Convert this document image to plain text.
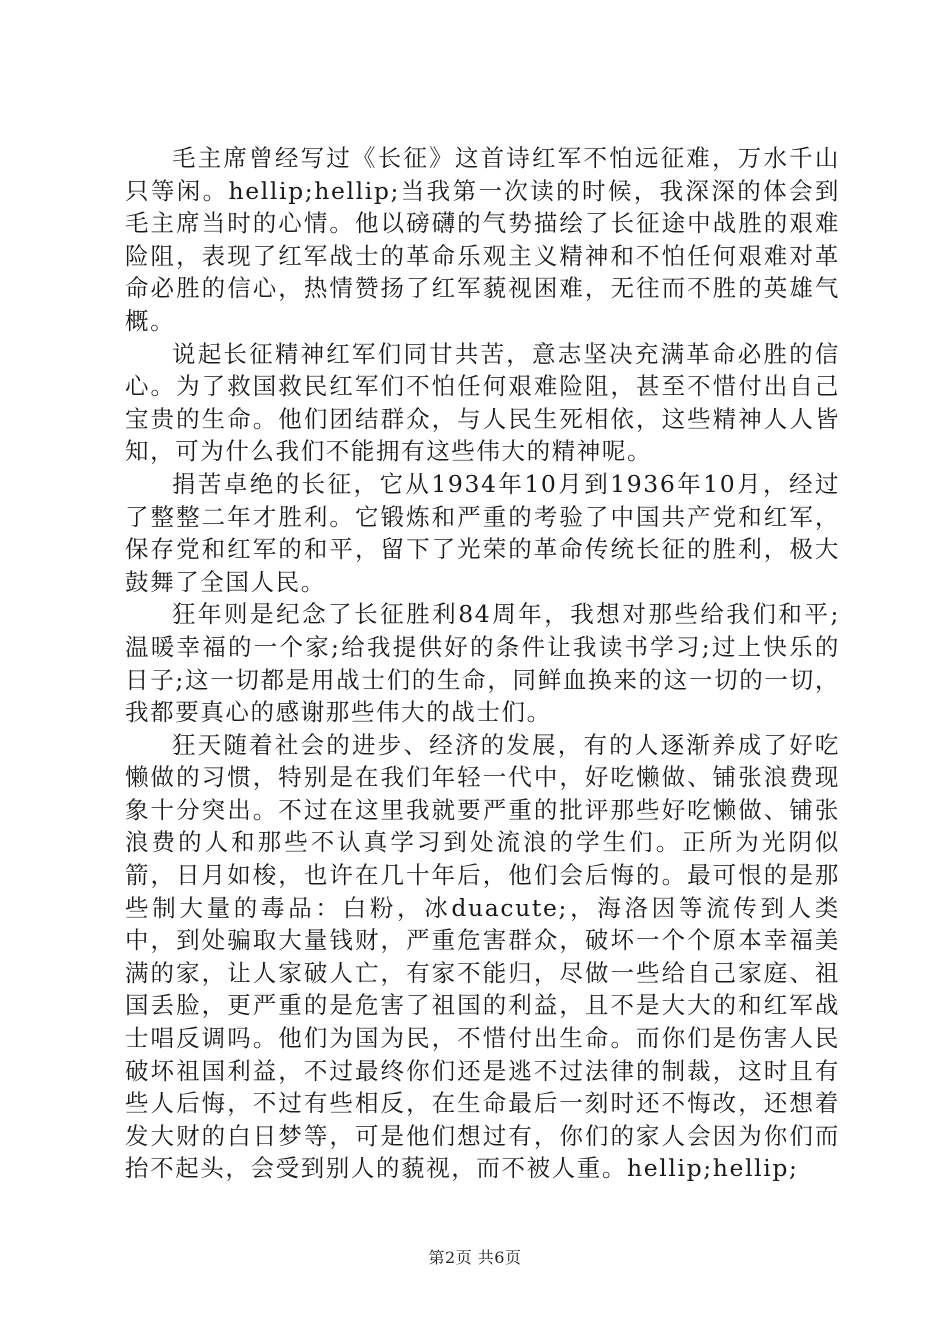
毛主席曾经写过《长征》这首诗红军不怕远征难，万水千山只等闲。hellip;hellip;当我第一次读的时候，我深深的体会到毛主席当时的心情。他以磅礴的气势描绘了长征途中战胜的艰难险阻，表现了红军战士的革命乐观主义精神和不怕任何艰难对革命必胜的信心，热情赞扬了红军藐视困难，无往而不胜的英雄气概。

说起长征精神红军们同甘共苦，意志坚决充满革命必胜的信心。为了救国救民红军们不怕任何艰难险阻，甚至不惜付出自己宝贵的生命。他们团结群众，与人民生死相依，这些精神人人皆知，可为什么我们不能拥有这些伟大的精神呢。

捐苦卓绝的长征，它从1934年10月到1936年10月，经过了整整二年才胜利。它锻炼和严重的考验了中国共产党和红军，保存党和红军的和平，留下了光荣的革命传统长征的胜利，极大鼓舞了全国人民。

狂年则是纪念了长征胜利84周年，我想对那些给我们和平;温暖幸福的一个家;给我提供好的条件让我读书学习;过上快乐的日子;这一切都是用战士们的生命，同鲜血换来的这一切的一切，我都要真心的感谢那些伟大的战士们。

狂天随着社会的进步、经济的发展，有的人逐渐养成了好吃懒做的习惯，特别是在我们年轻一代中，好吃懒做、铺张浪费现象十分突出。不过在这里我就要严重的批评那些好吃懒做、铺张浪费的人和那些不认真学习到处流浪的学生们。正所为光阴似箭，日月如梭，也许在几十年后，他们会后悔的。最可恨的是那些制大量的毒品：白粉，冰duacute;，海洛因等流传到人类中，到处骗取大量钱财，严重危害群众，破坏一个个原本幸福美满的家，让人家破人亡，有家不能归，尽做一些给自己家庭、祖国丢脸，更严重的是危害了祖国的利益，且不是大大的和红军战士唱反调吗。他们为国为民，不惜付出生命。而你们是伤害人民破坏祖国利益，不过最终你们还是逃不过法律的制裁，这时且有些人后悔，不过有些相反，在生命最后一刻时还不悔改，还想着发大财的白日梦等，可是他们想过有，你们的家人会因为你们而抬不起头，会受到别人的藐视，而不被人重。hellip;hellip;

第2页 共6页
